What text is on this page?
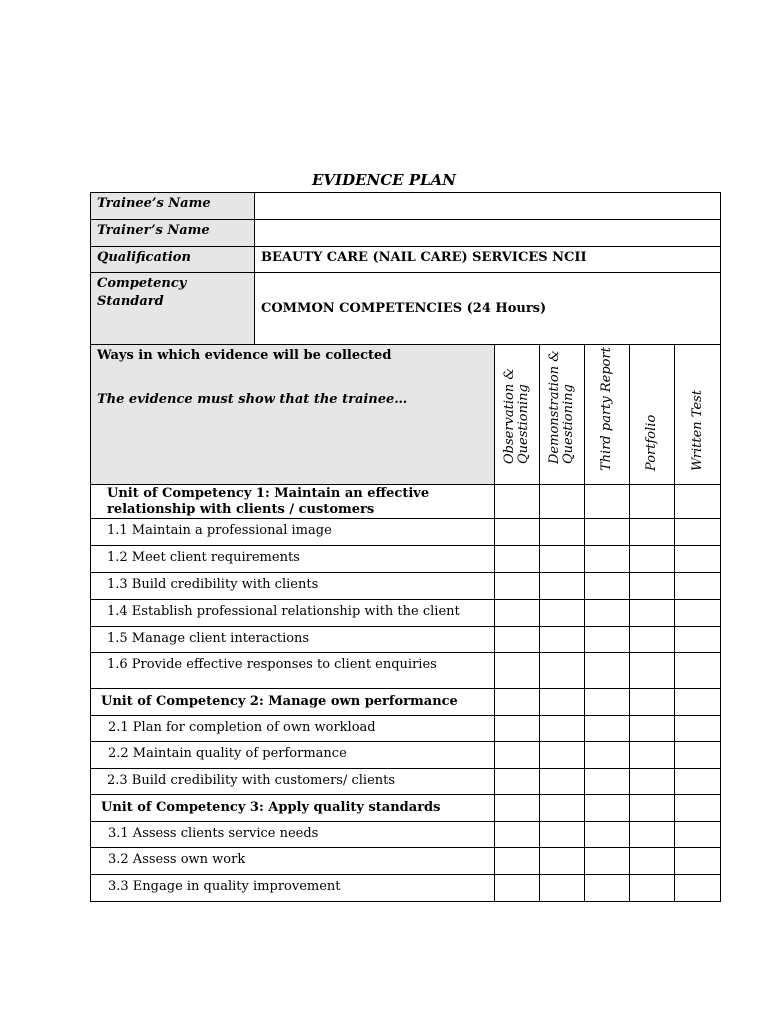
EVIDENCE PLAN
Trainee’s Name	
Trainer’s Name	
Qualification	BEAUTY CARE (NAIL CARE) SERVICES NCII

Competency
Standard	COMMON COMPETENCIES (24 Hours)
Ways in which evidence will be collected
The evidence must show that the trainee…	Observation & Questioning	Demonstration & Questioning	Third party Report	Portfolio	Written Test

Unit of Competency 1: Maintain an effective relationship with clients / customers					
1.1 Maintain a professional image					
1.2 Meet client requirements					
1.3 Build credibility with clients					
1.4 Establish professional relationship with the client					
1.5 Manage client interactions					
1.6 Provide effective responses to client enquiries					
Unit of Competency 2: Manage own performance					
2.1 Plan for completion of own workload					
2.2 Maintain quality of performance					
2.3 Build credibility with customers/ clients					
Unit of Competency 3: Apply quality standards					
3.1 Assess clients service needs					
3.2 Assess own work					
3.3 Engage in quality improvement					
